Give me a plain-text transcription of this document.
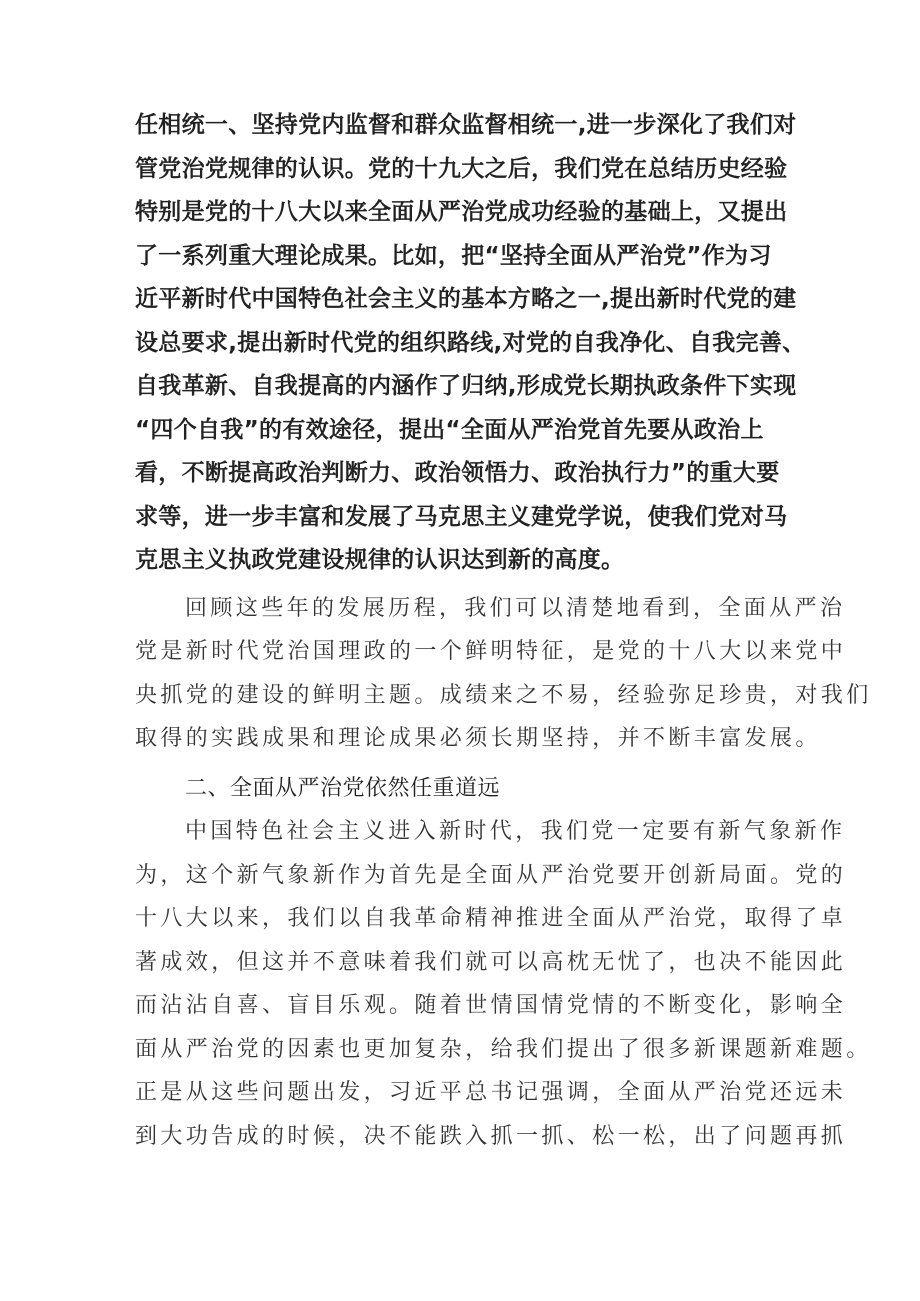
任相统一、坚持党内监督和群众监督相统一,进一步深化了我们对
管党治党规律的认识。党的十九大之后，我们党在总结历史经验
特别是党的十八大以来全面从严治党成功经验的基础上，又提出
了一系列重大理论成果。比如，把“坚持全面从严治党”作为习
近平新时代中国特色社会主义的基本方略之一,提出新时代党的建
设总要求,提出新时代党的组织路线,对党的自我净化、自我完善、
自我革新、自我提高的内涵作了归纳,形成党长期执政条件下实现
“四个自我”的有效途径，提出“全面从严治党首先要从政治上
看，不断提高政治判断力、政治领悟力、政治执行力”的重大要
求等，进一步丰富和发展了马克思主义建党学说，使我们党对马
克思主义执政党建设规律的认识达到新的高度。
回顾这些年的发展历程，我们可以清楚地看到，全面从严治
党是新时代党治国理政的一个鲜明特征，是党的十八大以来党中
央抓党的建设的鲜明主题。成绩来之不易，经验弥足珍贵，对我们
取得的实践成果和理论成果必须长期坚持，并不断丰富发展。
二、全面从严治党依然任重道远
中国特色社会主义进入新时代，我们党一定要有新气象新作
为，这个新气象新作为首先是全面从严治党要开创新局面。党的
十八大以来，我们以自我革命精神推进全面从严治党，取得了卓
著成效，但这并不意味着我们就可以高枕无忧了，也决不能因此
而沾沾自喜、盲目乐观。随着世情国情党情的不断变化，影响全
面从严治党的因素也更加复杂，给我们提出了很多新课题新难题。
正是从这些问题出发，习近平总书记强调，全面从严治党还远未
到大功告成的时候，决不能跌入抓一抓、松一松，出了问题再抓
